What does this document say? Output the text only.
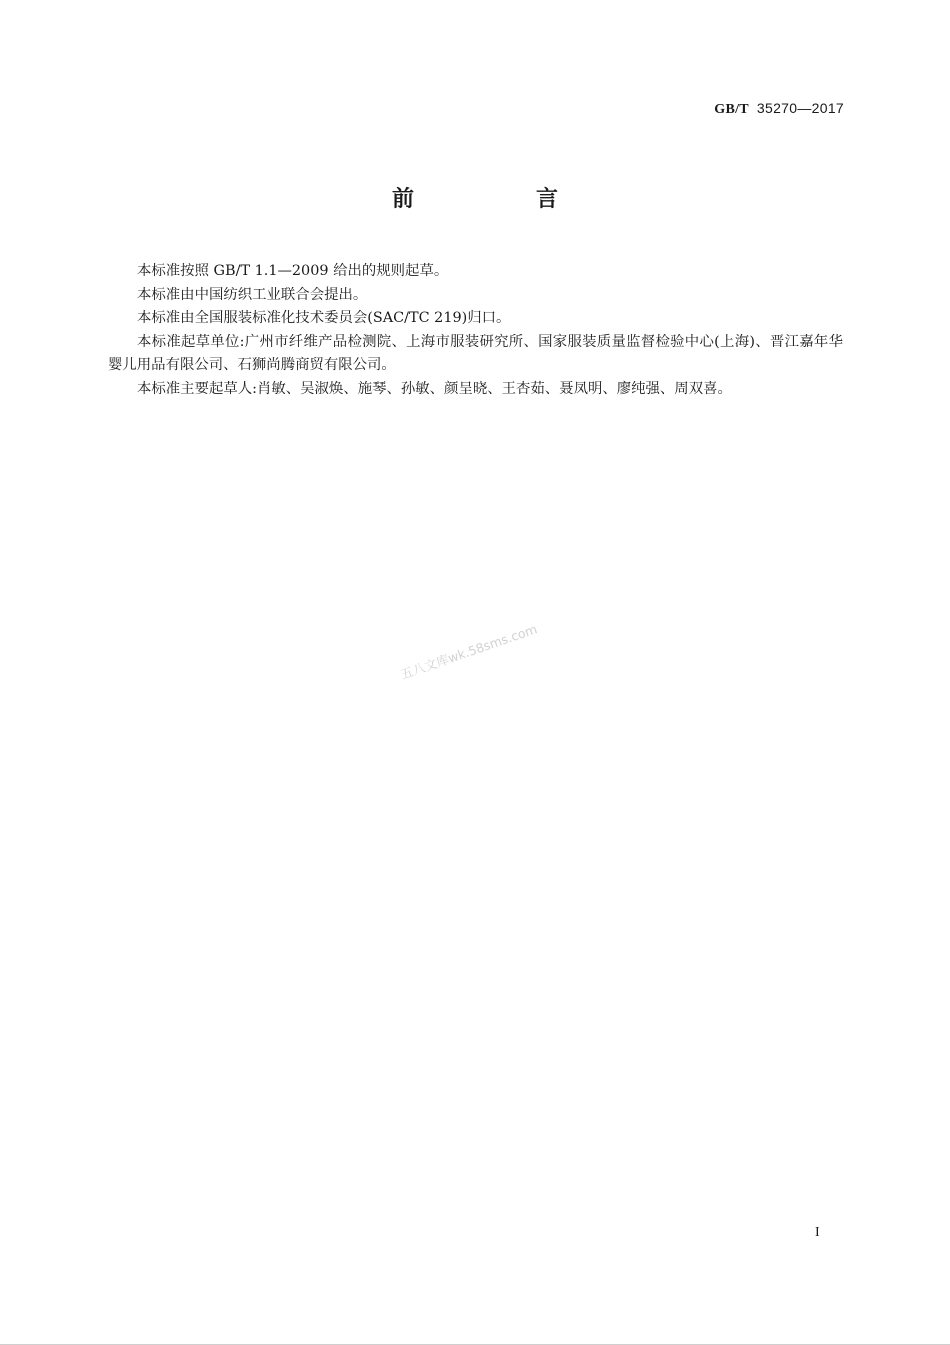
GB/T 35270—2017
前　言

本标准按照 GB/T 1.1—2009 给出的规则起草。

本标准由中国纺织工业联合会提出。

本标准由全国服装标准化技术委员会(SAC/TC 219)归口。

本标准起草单位:广州市纤维产品检测院、上海市服装研究所、国家服装质量监督检验中心(上海)、晋江嘉年华婴儿用品有限公司、石狮尚腾商贸有限公司。

本标准主要起草人:肖敏、吴淑焕、施琴、孙敏、颜呈晓、王杏茹、聂凤明、廖纯强、周双喜。

五八文库wk.58sms.com
I
